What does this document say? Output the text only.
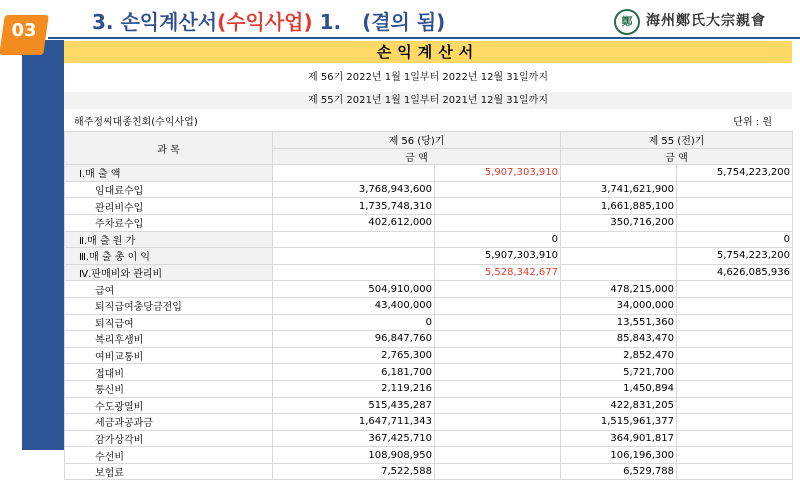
03	3. 손익계산서(수익사업) 1. (결의 됨)	鄭 海州鄭氏大宗親會
손익계산서
제 56기 2022년 1월 1일부터 2022년 12월 31일까지
제 55기 2021년 1월 1일부터 2021년 12월 31일까지
해주정씨대종친회(수익사업)	단위 : 원
과 목	제 56 (당)기		제 55 (전)기	
	금 액		금 액	
Ⅰ.매 출 액		5,907,303,910		5,754,223,200
임대료수입	3,768,943,600		3,741,621,900	
관리비수입	1,735,748,310		1,661,885,100	
주차료수입	402,612,000		350,716,200	
Ⅱ.매 출 원 가		0		0
Ⅲ.매 출 총 이 익		5,907,303,910		5,754,223,200
Ⅳ.판매비와 관리비		5,528,342,677		4,626,085,936
급여	504,910,000		478,215,000	
퇴직급여충당금전입	43,400,000		34,000,000	
퇴직급여	0		13,551,360	
복리후생비	96,847,760		85,843,470	
여비교통비	2,765,300		2,852,470	
접대비	6,181,700		5,721,700	
통신비	2,119,216		1,450,894	
수도광열비	515,435,287		422,831,205	
세금과공과금	1,647,711,343		1,515,961,377	
감가상각비	367,425,710		364,901,817	
수선비	108,908,950		106,196,300	
보험료	7,522,588		6,529,788	
